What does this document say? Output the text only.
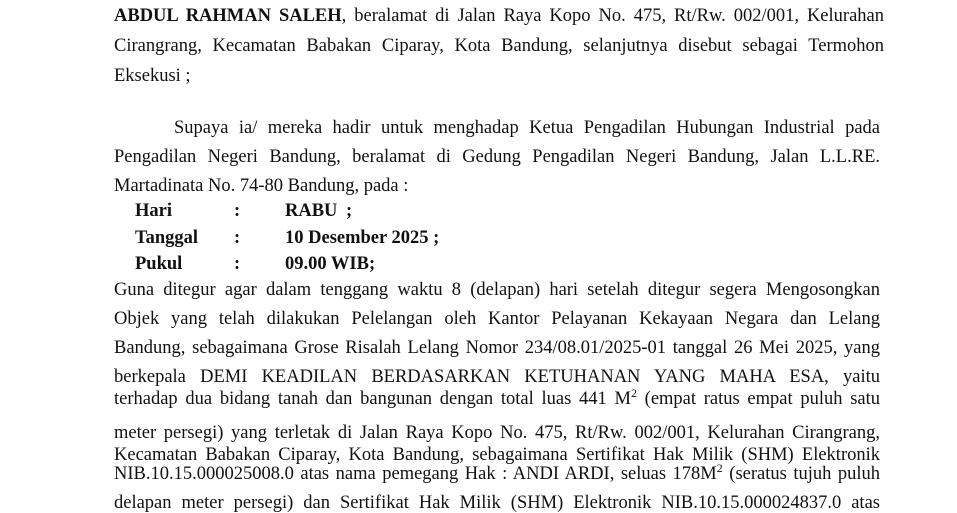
ABDUL RAHMAN SALEH, beralamat di Jalan Raya Kopo No. 475, Rt/Rw. 002/001, Kelurahan
Cirangrang, Kecamatan Babakan Ciparay, Kota Bandung, selanjutnya disebut sebagai Termohon
Eksekusi ;
Supaya ia/ mereka hadir untuk menghadap Ketua Pengadilan Hubungan Industrial pada
Pengadilan Negeri Bandung, beralamat di Gedung Pengadilan Negeri Bandung, Jalan L.L.RE.
Martadinata No. 74-80 Bandung, pada :
Hari	: RABU ;
Tanggal : 10 Desember 2025 ;
Pukul	: 09.00 WIB;
Guna ditegur agar dalam tenggang waktu 8 (delapan) hari setelah ditegur segera Mengosongkan
Objek yang telah dilakukan Pelelangan oleh Kantor Pelayanan Kekayaan Negara dan Lelang
Bandung, sebagaimana Grose Risalah Lelang Nomor 234/08.01/2025-01 tanggal 26 Mei 2025, yang
berkepala DEMI KEADILAN BERDASARKAN KETUHANAN YANG MAHA ESA, yaitu
terhadap dua bidang tanah dan bangunan dengan total luas 441 $M^2$ (empat ratus empat puluh satu
meter persegi) yang terletak di Jalan Raya Kopo No. 475, Rt/Rw. 002/001, Kelurahan Cirangrang,
Kecamatan Babakan Ciparay, Kota Bandung, sebagaimana Sertifikat Hak Milik (SHM) Elektronik
NIB.10.15.000025008.0 atas nama pemegang Hak : ANDI ARDI, seluas $178M^2$ (seratus tujuh puluh
delapan meter persegi) dan Sertifikat Hak Milik (SHM) Elektronik NIB.10.15.000024837.0 atas
